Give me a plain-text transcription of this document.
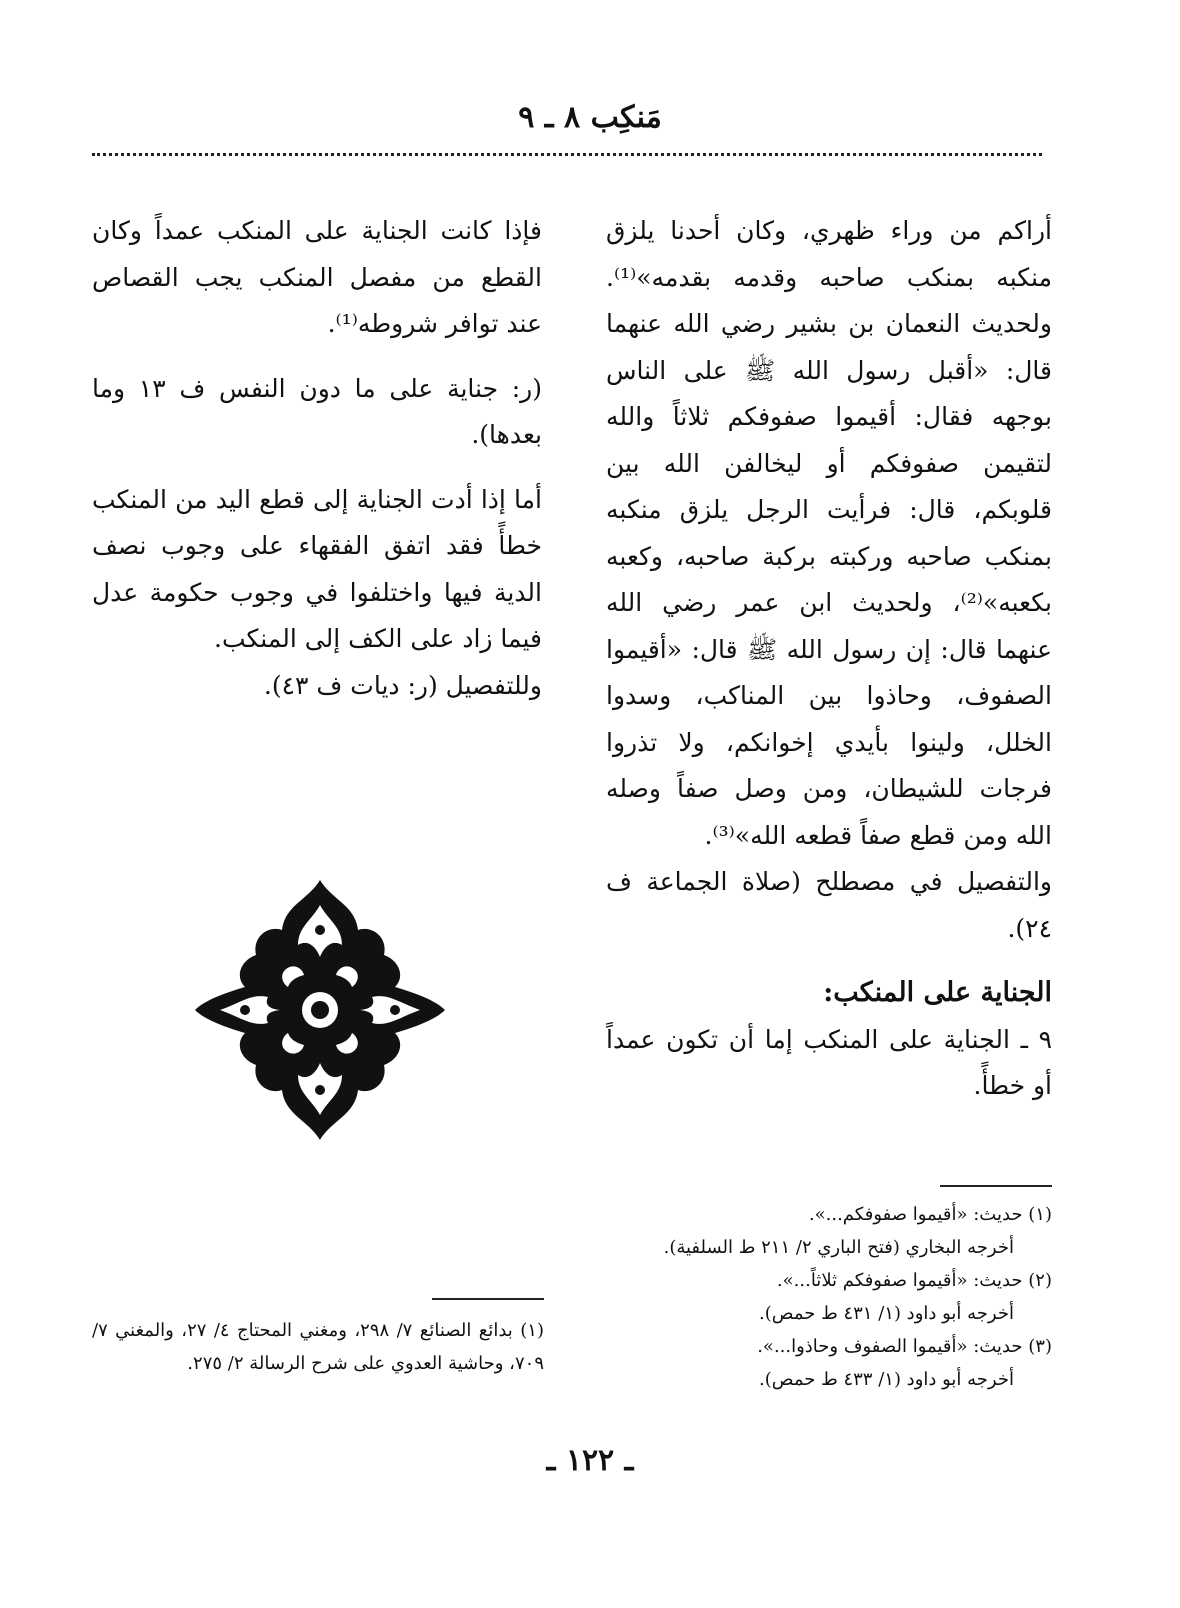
مَنكِب ٨ ـ ٩

أراكم من وراء ظهري، وكان أحدنا يلزق منكبه بمنكب صاحبه وقدمه بقدمه»⁽¹⁾. ولحديث النعمان بن بشير رضي الله عنهما قال: «أقبل رسول الله ﷺ على الناس بوجهه فقال: أقيموا صفوفكم ثلاثاً والله لتقيمن صفوفكم أو ليخالفن الله بين قلوبكم، قال: فرأيت الرجل يلزق منكبه بمنكب صاحبه وركبته بركبة صاحبه، وكعبه بكعبه»⁽²⁾، ولحديث ابن عمر رضي الله عنهما قال: إن رسول الله ﷺ قال: «أقيموا الصفوف، وحاذوا بين المناكب، وسدوا الخلل، ولينوا بأيدي إخوانكم، ولا تذروا فرجات للشيطان، ومن وصل صفاً وصله الله ومن قطع صفاً قطعه الله»⁽³⁾.

والتفصيل في مصطلح (صلاة الجماعة ف ٢٤).

الجناية على المنكب:

٩ ـ الجناية على المنكب إما أن تكون عمداً أو خطأً.

فإذا كانت الجناية على المنكب عمداً وكان القطع من مفصل المنكب يجب القصاص عند توافر شروطه⁽¹⁾.

(ر: جناية على ما دون النفس ف ١٣ وما بعدها).

أما إذا أدت الجناية إلى قطع اليد من المنكب خطأً فقد اتفق الفقهاء على وجوب نصف الدية فيها واختلفوا في وجوب حكومة عدل فيما زاد على الكف إلى المنكب.

وللتفصيل (ر: ديات ف ٤٣).

(١) حديث: «أقيموا صفوفكم...».

أخرجه البخاري (فتح الباري ٢/ ٢١١ ط السلفية).

(٢) حديث: «أقيموا صفوفكم ثلاثاً...».

أخرجه أبو داود (١/ ٤٣١ ط حمص).

(٣) حديث: «أقيموا الصفوف وحاذوا...».

أخرجه أبو داود (١/ ٤٣٣ ط حمص).

(١) بدائع الصنائع ٧/ ٢٩٨، ومغني المحتاج ٤/ ٢٧، والمغني ٧/ ٧٠٩، وحاشية العدوي على شرح الرسالة ٢/ ٢٧٥.

ـ ١٢٢ ـ
